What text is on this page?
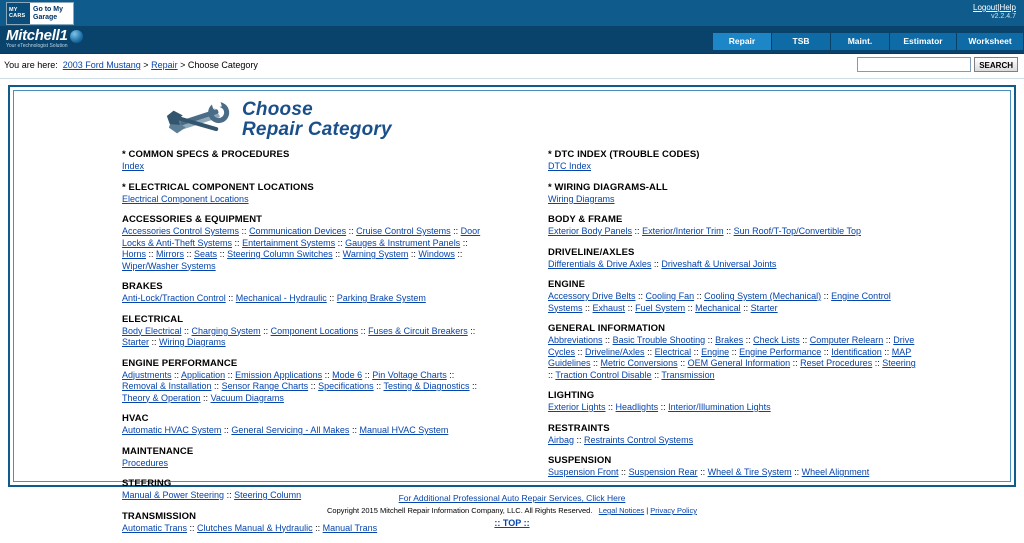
MY CARS
Go to My Garage
Logout|Help
v2.2.4.7
Mitchell1
Your eTechnologist Solution	Repair	TSB	Maint.	Estimator	Worksheet
You are here: 2003 Ford Mustang > Repair > Choose Category	SEARCH
Choose
Repair Category
* COMMON SPECS & PROCEDURES
Index
* ELECTRICAL COMPONENT LOCATIONS
Electrical Component Locations
ACCESSORIES & EQUIPMENT
Accessories Control Systems :: Communication Devices :: Cruise Control Systems :: Door Locks & Anti-Theft Systems :: Entertainment Systems :: Gauges & Instrument Panels :: Horns :: Mirrors :: Seats :: Steering Column Switches :: Warning System :: Windows :: Wiper/Washer Systems
BRAKES
Anti-Lock/Traction Control :: Mechanical - Hydraulic :: Parking Brake System
ELECTRICAL
Body Electrical :: Charging System :: Component Locations :: Fuses & Circuit Breakers :: Starter :: Wiring Diagrams
ENGINE PERFORMANCE
Adjustments :: Application :: Emission Applications :: Mode 6 :: Pin Voltage Charts :: Removal & Installation :: Sensor Range Charts :: Specifications :: Testing & Diagnostics :: Theory & Operation :: Vacuum Diagrams
HVAC
Automatic HVAC System :: General Servicing - All Makes :: Manual HVAC System
MAINTENANCE
Procedures
STEERING
Manual & Power Steering :: Steering Column
TRANSMISSION
Automatic Trans :: Clutches Manual & Hydraulic :: Manual Trans
* DTC INDEX (TROUBLE CODES)
DTC Index
* WIRING DIAGRAMS-ALL
Wiring Diagrams
BODY & FRAME
Exterior Body Panels :: Exterior/Interior Trim :: Sun Roof/T-Top/Convertible Top
DRIVELINE/AXLES
Differentials & Drive Axles :: Driveshaft & Universal Joints
ENGINE
Accessory Drive Belts :: Cooling Fan :: Cooling System (Mechanical) :: Engine Control Systems :: Exhaust :: Fuel System :: Mechanical :: Starter
GENERAL INFORMATION
Abbreviations :: Basic Trouble Shooting :: Brakes :: Check Lists :: Computer Relearn :: Drive Cycles :: Driveline/Axles :: Electrical :: Engine :: Engine Performance :: Identification :: MAP Guidelines :: Metric Conversions :: OEM General Information :: Reset Procedures :: Steering :: Traction Control Disable :: Transmission
LIGHTING
Exterior Lights :: Headlights :: Interior/Illumination Lights
RESTRAINTS
Airbag :: Restraints Control Systems
SUSPENSION
Suspension Front :: Suspension Rear :: Wheel & Tire System :: Wheel Alignment
For Additional Professional Auto Repair Services, Click Here
Copyright 2015 Mitchell Repair Information Company, LLC. All Rights Reserved. Legal Notices | Privacy Policy
:: TOP ::
